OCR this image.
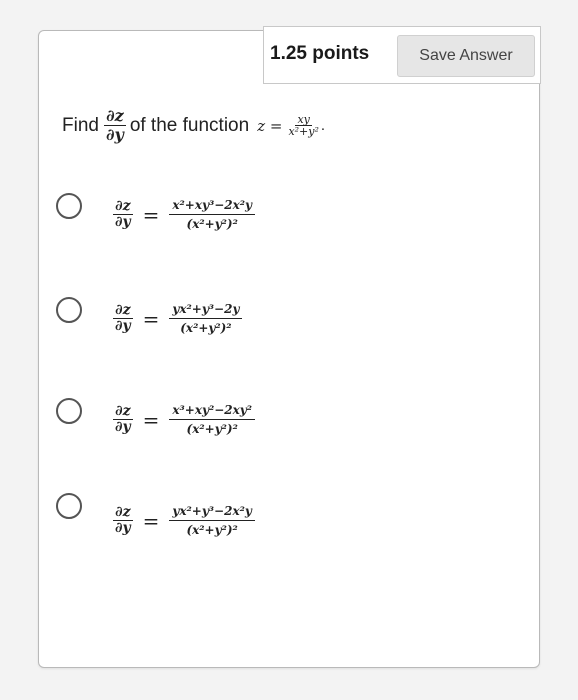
1.25 points	Save Answer
Find $\frac{\partial z}{\partial y}$ of the function $z = \frac{xy}{\text{x²+y²}}$ .
$\frac{\partial z}{\partial y} = \frac{\text{x²+xy³−2x²y}}{\text{(x²+y²)²}}$
$\frac{\partial z}{\partial y} = \frac{\text{yx²+y³−2y}}{\text{(x²+y²)²}}$
$\frac{\partial z}{\partial y} = \frac{\text{x³+xy²−2xy²}}{\text{(x²+y²)²}}$
$\frac{\partial z}{\partial y} = \frac{\text{yx²+y³−2x²y}}{\text{(x²+y²)²}}$
